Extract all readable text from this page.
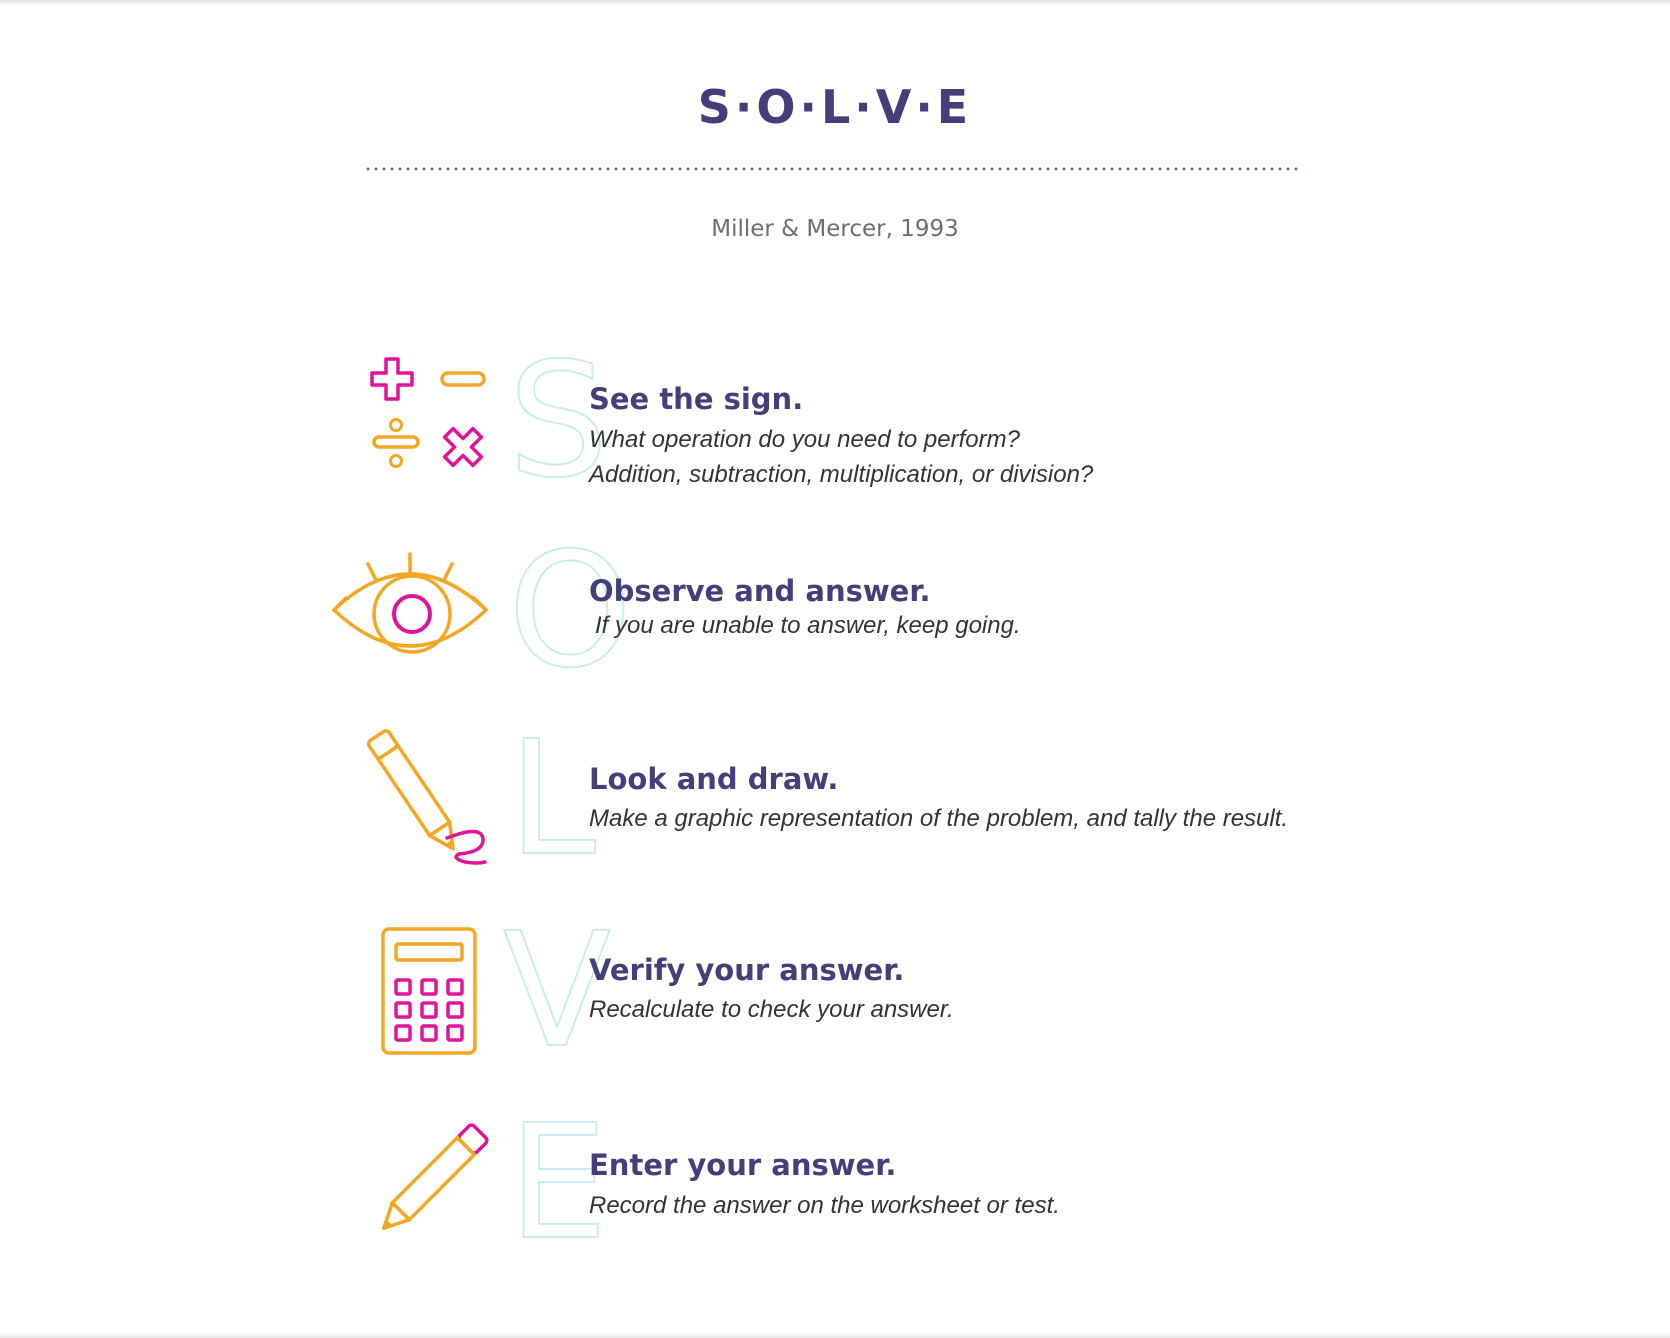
S·O·L·V·E
Miller & Mercer, 1993
S
See the sign.
What operation do you need to perform?
Addition, subtraction, multiplication, or division?
O
Observe and answer.
If you are unable to answer, keep going.
L
Look and draw.
Make a graphic representation of the problem, and tally the result.
V
Verify your answer.
Recalculate to check your answer.
E
Enter your answer.
Record the answer on the worksheet or test.
